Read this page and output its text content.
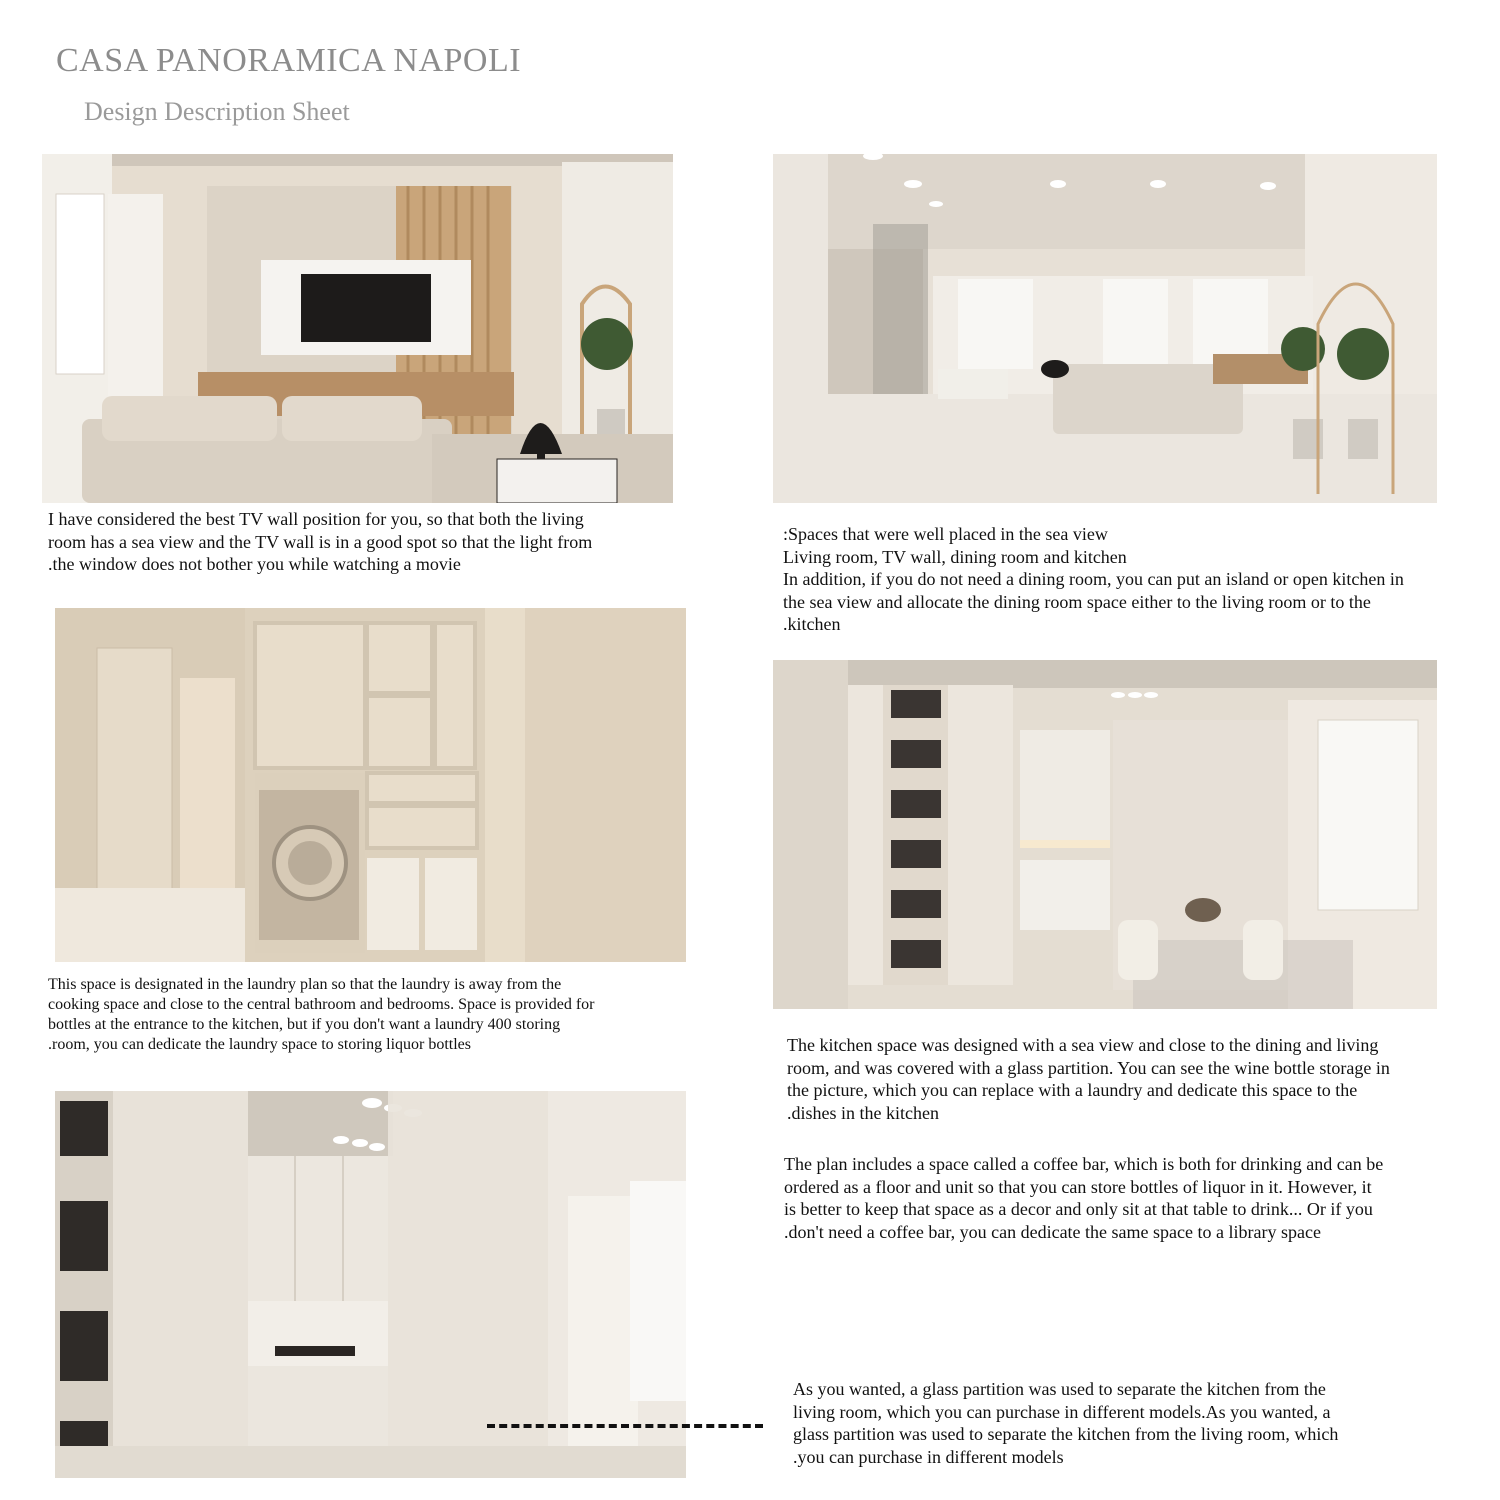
CASA PANORAMICA NAPOLI
Design Description Sheet
I have considered the best TV wall position for you, so that both the living
room has a sea view and the TV wall is in a good spot so that the light from
.the window does not bother you while watching a movie
:Spaces that were well placed in the sea view
Living room, TV wall, dining room and kitchen
In addition, if you do not need a dining room, you can put an island or open kitchen in
the sea view and allocate the dining room space either to the living room or to the
.kitchen
This space is designated in the laundry plan so that the laundry is away from the
cooking space and close to the central bathroom and bedrooms. Space is provided for
bottles at the entrance to the kitchen, but if you don't want a laundry 400 storing
.room, you can dedicate the laundry space to storing liquor bottles	The kitchen space was designed with a sea view and close to the dining and living
room, and was covered with a glass partition. You can see the wine bottle storage in
the picture, which you can replace with a laundry and dedicate this space to the
.dishes in the kitchen
The plan includes a space called a coffee bar, which is both for drinking and can be
ordered as a floor and unit so that you can store bottles of liquor in it. However, it
is better to keep that space as a decor and only sit at that table to drink... Or if you
.don't need a coffee bar, you can dedicate the same space to a library space
As you wanted, a glass partition was used to separate the kitchen from the
living room, which you can purchase in different models.As you wanted, a
glass partition was used to separate the kitchen from the living room, which
.you can purchase in different models
